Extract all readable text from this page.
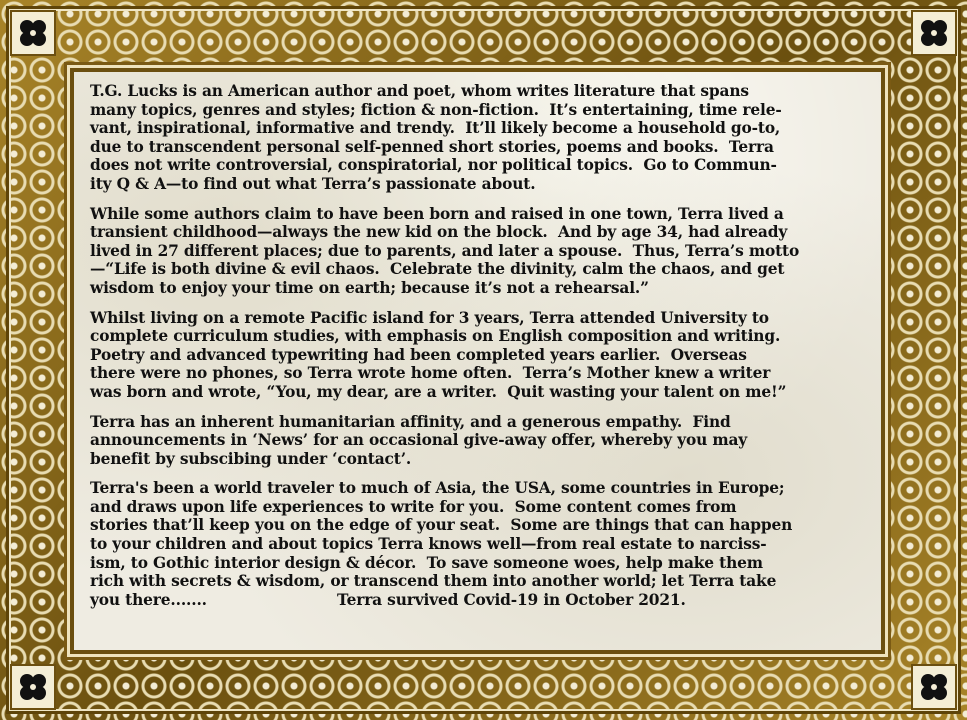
T.G. Lucks is an American author and poet, whom writes literature that spans
many topics, genres and styles; fiction & non-fiction.  It’s entertaining, time rele-
vant, inspirational, informative and trendy.  It’ll likely become a household go-to,
due to transcendent personal self-penned short stories, poems and books.  Terra
does not write controversial, conspiratorial, nor political topics.  Go to Commun-
ity Q & A—to find out what Terra’s passionate about.

While some authors claim to have been born and raised in one town, Terra lived a
transient childhood—always the new kid on the block.  And by age 34, had already
lived in 27 different places; due to parents, and later a spouse.  Thus, Terra’s motto
—“Life is both divine & evil chaos.  Celebrate the divinity, calm the chaos, and get
wisdom to enjoy your time on earth; because it’s not a rehearsal.”

Whilst living on a remote Pacific island for 3 years, Terra attended University to
complete curriculum studies, with emphasis on English composition and writing.
Poetry and advanced typewriting had been completed years earlier.  Overseas
there were no phones, so Terra wrote home often.  Terra’s Mother knew a writer
was born and wrote, “You, my dear, are a writer.  Quit wasting your talent on me!”

Terra has an inherent humanitarian affinity, and a generous empathy.  Find
announcements in ‘News’ for an occasional give-away offer, whereby you may
benefit by subscibing under ‘contact’.

Terra's been a world traveler to much of Asia, the USA, some countries in Europe;
and draws upon life experiences to write for you.  Some content comes from
stories that’ll keep you on the edge of your seat.  Some are things that can happen
to your children and about topics Terra knows well—from real estate to narciss-
ism, to Gothic interior design & décor.  To save someone woes, help make them
rich with secrets & wisdom, or transcend them into another world; let Terra take
you there.......                         Terra survived Covid-19 in October 2021.
